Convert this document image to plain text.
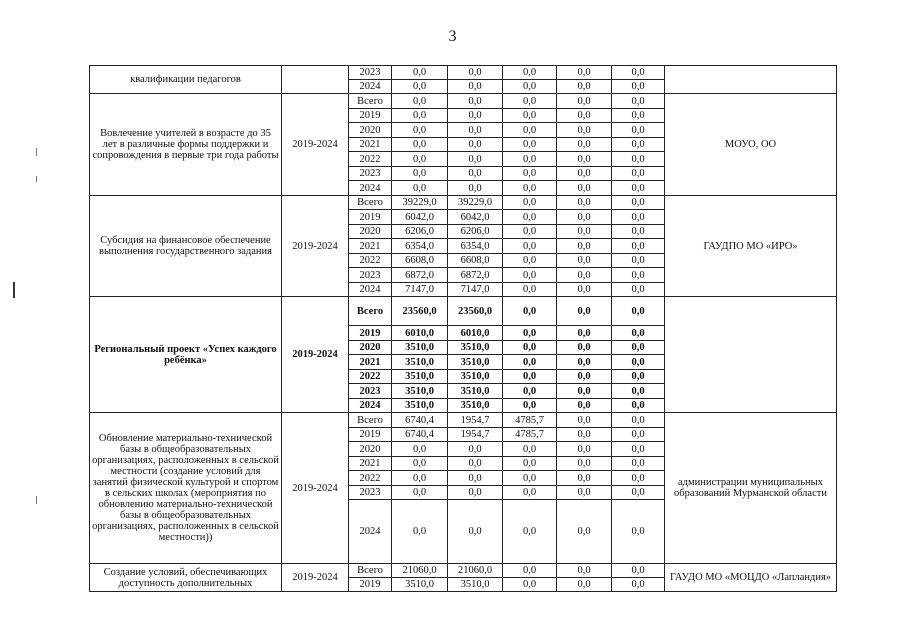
3
квалификации педагогов		2023	0,0	0,0	0,0	0,0	0,0	
		2024	0,0	0,0	0,0	0,0	0,0	
Вовлечение учителей в возрасте до 35 лет в различные формы поддержки и сопровождения в первые три года работы	2019-2024	Всего	0,0	0,0	0,0	0,0	0,0	МОУО, ОО
		2019	0,0	0,0	0,0	0,0	0,0	
		2020	0,0	0,0	0,0	0,0	0,0	
		2021	0,0	0,0	0,0	0,0	0,0	
		2022	0,0	0,0	0,0	0,0	0,0	
		2023	0,0	0,0	0,0	0,0	0,0	
		2024	0,0	0,0	0,0	0,0	0,0	
Субсидия на финансовое обеспечение выполнения государственного задания	2019-2024	Всего	39229,0	39229,0	0,0	0,0	0,0	ГАУДПО МО «ИРО»
		2019	6042,0	6042,0	0,0	0,0	0,0	
		2020	6206,0	6206,0	0,0	0,0	0,0	
		2021	6354,0	6354,0	0,0	0,0	0,0	
		2022	6608,0	6608,0	0,0	0,0	0,0	
		2023	6872,0	6872,0	0,0	0,0	0,0	
		2024	7147,0	7147,0	0,0	0,0	0,0	
Региональный проект «Успех каждого ребёнка»	2019-2024	Всего	23560,0	23560,0	0,0	0,0	0,0	
		2019	6010,0	6010,0	0,0	0,0	0,0	
		2020	3510,0	3510,0	0,0	0,0	0,0	
		2021	3510,0	3510,0	0,0	0,0	0,0	
		2022	3510,0	3510,0	0,0	0,0	0,0	
		2023	3510,0	3510,0	0,0	0,0	0,0	
		2024	3510,0	3510,0	0,0	0,0	0,0	
Обновление материально-технической базы в общеобразовательных организациях, расположенных в сельской местности (создание условий для занятий физической культурой и спортом в сельских школах (мероприятия по обновлению материально-технической базы в общеобразовательных организациях, расположенных в сельской местности))	2019-2024	Всего	6740,4	1954,7	4785,7	0,0	0,0	администрации муниципальных образований Мурманской области
		2019	6740,4	1954,7	4785,7	0,0	0,0	
		2020	0,0	0,0	0,0	0,0	0,0	
		2021	0,0	0,0	0,0	0,0	0,0	
		2022	0,0	0,0	0,0	0,0	0,0	
		2023	0,0	0,0	0,0	0,0	0,0	
		2024	0,0	0,0	0,0	0,0	0,0	
Создание условий, обеспечивающих доступность дополнительных	2019-2024	Всего	21060,0	21060,0	0,0	0,0	0,0	ГАУДО МО «МОЦДО «Лапландия»
		2019	3510,0	3510,0	0,0	0,0	0,0	
